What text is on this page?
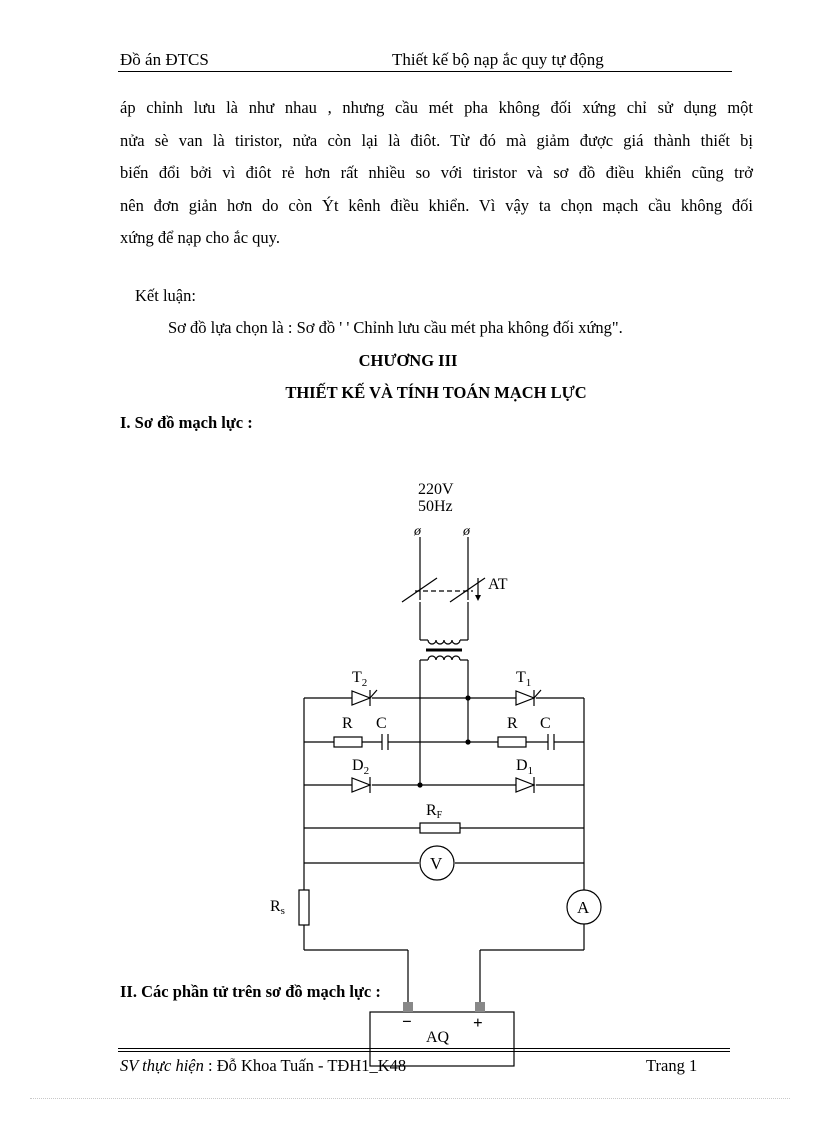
Đồ án ĐTCS	Thiết kế bộ nạp ắc quy tự động
áp chỉnh lưu là như nhau , nhưng cầu mét pha không đối xứng chỉ sử dụng một
nửa sè van là tiristor, nửa còn lại là điôt. Từ đó mà giảm được giá thành thiết bị
biến đổi bởi vì điôt rẻ hơn rất nhiều so với tiristor và sơ đồ điều khiển cũng trở
nên đơn giản hơn do còn Ýt kênh điều khiển. Vì vậy ta chọn mạch cầu không đối
xứng để nạp cho ắc quy.
Kết luận:
Sơ đồ lựa chọn là : Sơ đồ ' ' Chỉnh lưu cầu mét pha không đối xứng".
CHƯƠNG III
THIẾT KẾ VÀ TÍNH TOÁN MẠCH LỰC
I. Sơ đồ mạch lực :
220V
50Hz
ø	ø
AT
$T_2$	$T_1$
R C	R C
$D_2$	$D_1$
RF
V
Rs	A
AQ
−	+
II. Các phần tử trên sơ đồ mạch lực :
SV thực hiện : Đỗ Khoa Tuấn - TĐH1_K48	Trang 1
